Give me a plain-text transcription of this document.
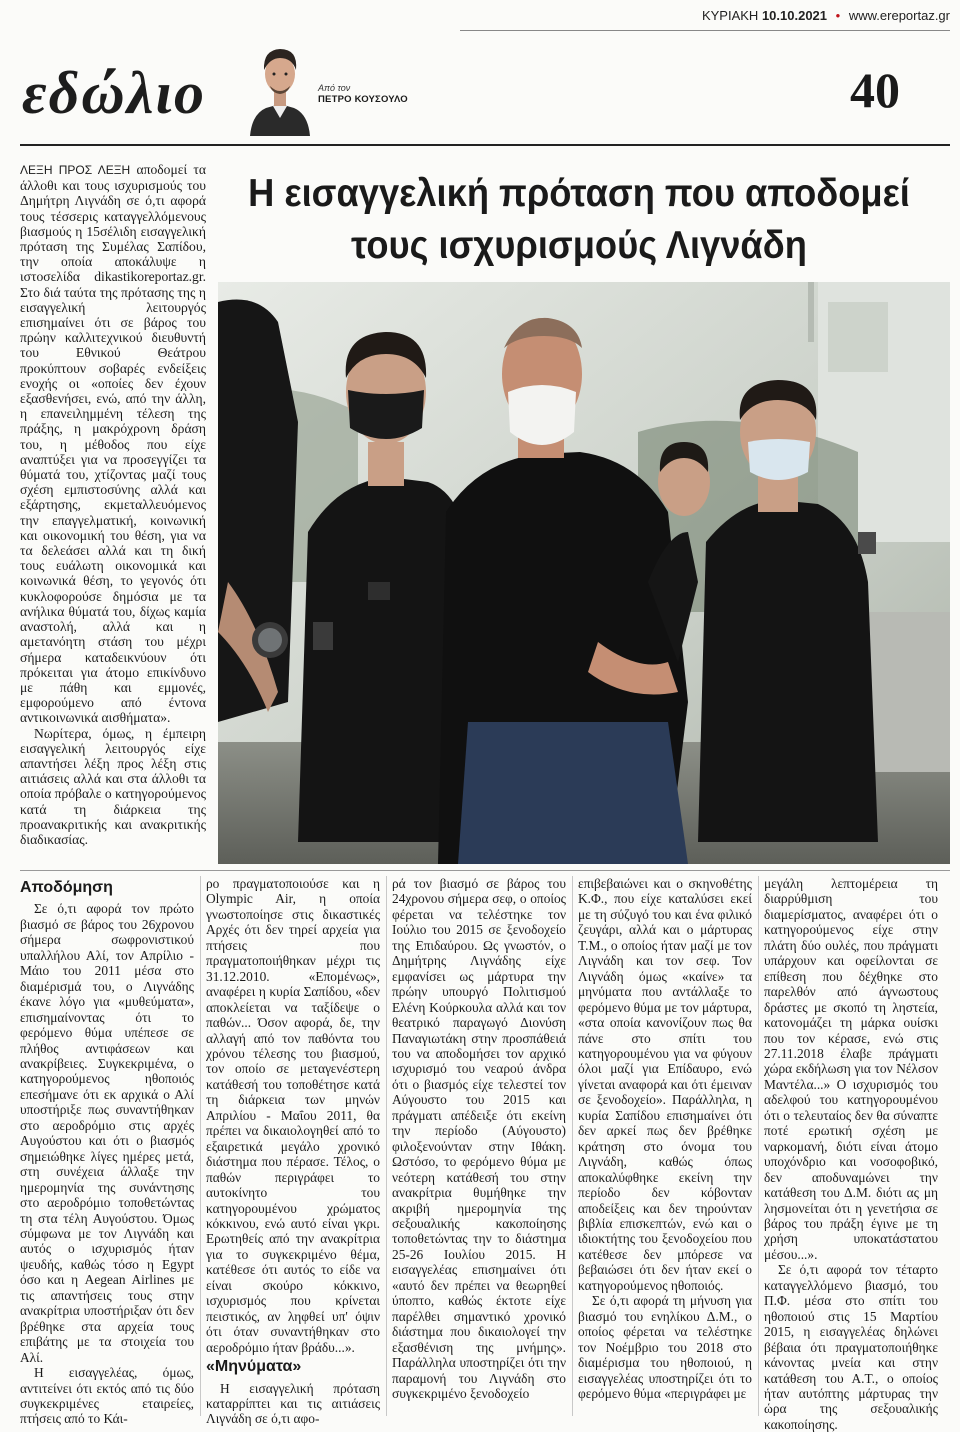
ΚΥΡΙΑΚΗ 10.10.2021 • www.ereportaz.gr
εδώλιο	Από τον
ΠΕΤΡΟ ΚΟΥΣΟΥΛΟ	40
Η εισαγγελική πρόταση που αποδομεί
τους ισχυρισμούς Λιγνάδη

ΛΕΞΗ ΠΡΟΣ ΛΕΞΗ αποδομεί τα άλλοθι και τους ισχυρισμούς του Δημήτρη Λιγνάδη σε ό,τι αφορά τους τέσσερις καταγγελλόμενους βιασμούς η 15σέλιδη εισαγγελική πρόταση της Συμέλας Σαπίδου, την οποία αποκάλυψε η ιστοσελίδα dikastikoreportaz.gr. Στο διά ταύτα της πρότασης της η εισαγγελική λειτουργός επισημαίνει ότι σε βάρος του πρώην καλλιτεχνικού διευθυντή του Εθνικού Θεάτρου προκύπτουν σοβαρές ενδείξεις ενοχής οι «οποίες δεν έχουν εξασθενήσει, ενώ, από την άλλη, η επανειλημμένη τέλεση της πράξης, η μακρόχρονη δράση του, η μέθοδος που είχε αναπτύξει για να προσεγγίζει τα θύματά του, χτίζοντας μαζί τους σχέση εμπιστοσύνης αλλά και εξάρτησης, εκμεταλλευόμενος την επαγγελματική, κοινωνική και οικονομική του θέση, για να τα δελεάσει αλλά και τη δική τους ευάλωτη οικονομικά και κοινωνικά θέση, το γεγονός ότι κυκλοφορούσε δημόσια με τα ανήλικα θύματά του, δίχως καμία αναστολή, αλλά και η αμετανόητη στάση του μέχρι σήμερα καταδεικνύουν ότι πρόκειται για άτομο επικίνδυνο με πάθη και εμμονές, εμφορούμενο από έντονα αντικοινωνικά αισθήματα».

Νωρίτερα, όμως, η έμπειρη εισαγγελική λειτουργός είχε απαντήσει λέξη προς λέξη στις αιτιάσεις αλλά και στα άλλοθι τα οποία πρόβαλε ο κατηγορούμενος κατά τη διάρκεια της προανακριτικής και ανακριτικής διαδικασίας.

Αποδόμηση

Σε ό,τι αφορά τον πρώτο βιασμό σε βάρος του 26χρονου σήμερα σωφρονιστικού υπαλλήλου Αλί, τον Απρίλιο - Μάιο του 2011 μέσα στο διαμέρισμά του, ο Λιγνάδης έκανε λόγο για «μυθεύματα», επισημαίνοντας ότι το φερόμενο θύμα υπέπεσε σε πλήθος αντιφάσεων και ανακρίβειες. Συγκεκριμένα, ο κατηγορούμενος ηθοποιός επεσήμανε ότι εκ αρχικά ο Αλί υποστήριξε πως συναντήθηκαν στο αεροδρόμιο στις αρχές Αυγούστου και ότι ο βιασμός σημειώθηκε λίγες ημέρες μετά, στη συνέχεια άλλαξε την ημερομηνία της συνάντησης στο αεροδρόμιο τοποθετώντας τη στα τέλη Αυγούστου. Όμως σύμφωνα με τον Λιγνάδη και αυτός ο ισχυρισμός ήταν ψευδής, καθώς τόσο η Egypt όσο και η Aegean Airlines με τις απαντήσεις τους στην ανακρίτρια υποστήριξαν ότι δεν βρέθηκε στα αρχεία τους επιβάτης με τα στοιχεία του Αλί.

Η εισαγγελέας, όμως, αντιτείνει ότι εκτός από τις δύο συγκεκριμένες εταιρείες, πτήσεις από το Κάι-

ρο πραγματοποιούσε και η Olympic Air, η οποία γνωστοποίησε στις δικαστικές Αρχές ότι δεν τηρεί αρχεία για πτήσεις που πραγματοποιήθηκαν μέχρι τις 31.12.2010. «Επομένως», αναφέρει η κυρία Σαπίδου, «δεν αποκλείεται να ταξίδεψε ο παθών... Όσον αφορά, δε, την αλλαγή από τον παθόντα του χρόνου τέλεσης του βιασμού, τον οποίο σε μεταγενέστερη κατάθεσή του τοποθέτησε κατά τη διάρκεια των μηνών Απριλίου - Μαΐου 2011, θα πρέπει να δικαιολογηθεί από το εξαιρετικά μεγάλο χρονικό διάστημα που πέρασε. Τέλος, ο παθών περιγράφει το αυτοκίνητο του κατηγορουμένου χρώματος κόκκινου, ενώ αυτό είναι γκρι. Ερωτηθείς από την ανακρίτρια για το συγκεκριμένο θέμα, κατέθεσε ότι αυτός το είδε να είναι σκούρο κόκκινο, ισχυρισμός που κρίνεται πειστικός, αν ληφθεί υπ' όψιν ότι όταν συναντήθηκαν στο αεροδρόμιο ήταν βράδυ...».

«Μηνύματα»

Η εισαγγελική πρόταση καταρρίπτει και τις αιτιάσεις Λιγνάδη σε ό,τι αφο-

ρά τον βιασμό σε βάρος του 24χρονου σήμερα σεφ, ο οποίος φέρεται να τελέστηκε τον Ιούλιο του 2015 σε ξενοδοχείο της Επιδαύρου. Ως γνωστόν, ο Δημήτρης Λιγνάδης είχε εμφανίσει ως μάρτυρα την πρώην υπουργό Πολιτισμού Ελένη Κούρκουλα αλλά και τον θεατρικό παραγωγό Διονύση Παναγιωτάκη στην προσπάθειά του να αποδομήσει τον αρχικό ισχυρισμό του νεαρού άνδρα ότι ο βιασμός είχε τελεστεί τον Αύγουστο του 2015 και πράγματι απέδειξε ότι εκείνη την περίοδο (Αύγουστο) φιλοξενούνταν στην Ιθάκη. Ωστόσο, το φερόμενο θύμα με νεότερη κατάθεσή του στην ανακρίτρια θυμήθηκε την ακριβή ημερομηνία της σεξουαλικής κακοποίησης τοποθετώντας την το διάστημα 25-26 Ιουλίου 2015. Η εισαγγελέας επισημαίνει ότι «αυτό δεν πρέπει να θεωρηθεί ύποπτο, καθώς έκτοτε είχε παρέλθει σημαντικό χρονικό διάστημα που δικαιολογεί την εξασθένιση της μνήμης». Παράλληλα υποστηρίζει ότι την παραμονή του Λιγνάδη στο συγκεκριμένο ξενοδοχείο

επιβεβαιώνει και ο σκηνοθέτης Κ.Φ., που είχε καταλύσει εκεί με τη σύζυγό του και ένα φιλικό ζευγάρι, αλλά και ο μάρτυρας Τ.Μ., ο οποίος ήταν μαζί με τον Λιγνάδη και τον σεφ. Τον Λιγνάδη όμως «καίνε» τα μηνύματα που αντάλλαξε το φερόμενο θύμα με τον μάρτυρα, «στα οποία κανονίζουν πως θα πάνε στο σπίτι του κατηγορουμένου για να φύγουν όλοι μαζί για Επίδαυρο, ενώ γίνεται αναφορά και ότι έμειναν σε ξενοδοχείο». Παράλληλα, η κυρία Σαπίδου επισημαίνει ότι δεν αρκεί πως δεν βρέθηκε κράτηση στο όνομα του Λιγνάδη, καθώς όπως αποκαλύφθηκε εκείνη την περίοδο δεν κόβονταν αποδείξεις και δεν τηρούνταν βιβλία επισκεπτών, ενώ και ο ιδιοκτήτης του ξενοδοχείου που κατέθεσε δεν μπόρεσε να βεβαιώσει ότι δεν ήταν εκεί ο κατηγορούμενος ηθοποιός.

Σε ό,τι αφορά τη μήνυση για βιασμό του ενηλίκου Δ.Μ., ο οποίος φέρεται να τελέστηκε τον Νοέμβριο του 2018 στο διαμέρισμα του ηθοποιού, η εισαγγελέας υποστηρίζει ότι το φερόμενο θύμα «περιγράφει με

μεγάλη λεπτομέρεια τη διαρρύθμιση του διαμερίσματος, αναφέρει ότι ο κατηγορούμενος είχε στην πλάτη δύο ουλές, που πράγματι υπάρχουν και οφείλονται σε επίθεση που δέχθηκε στο παρελθόν από άγνωστους δράστες με σκοπό τη ληστεία, κατονομάζει τη μάρκα ουίσκι που τον κέρασε, ενώ στις 27.11.2018 έλαβε πράγματι χώρα εκδήλωση για τον Νέλσον Μαντέλα...» Ο ισχυρισμός του αδελφού του κατηγορουμένου ότι ο τελευταίος δεν θα σύναπτε ποτέ ερωτική σχέση με ναρκομανή, διότι είναι άτομο υποχόνδριο και νοσοφοβικό, δεν αποδυναμώνει την κατάθεση του Δ.Μ. διότι ας μη λησμονείται ότι η γενετήσια σε βάρος του πράξη έγινε με τη χρήση υποκατάστατου μέσου...».

Σε ό,τι αφορά τον τέταρτο καταγγελλόμενο βιασμό, του Π.Φ. μέσα στο σπίτι του ηθοποιού στις 15 Μαρτίου 2015, η εισαγγελέας δηλώνει βέβαια ότι πραγματοποιήθηκε κάνοντας μνεία και στην κατάθεση του Α.Τ., ο οποίος ήταν αυτόπτης μάρτυρας την ώρα της σεξουαλικής κακοποίησης.
